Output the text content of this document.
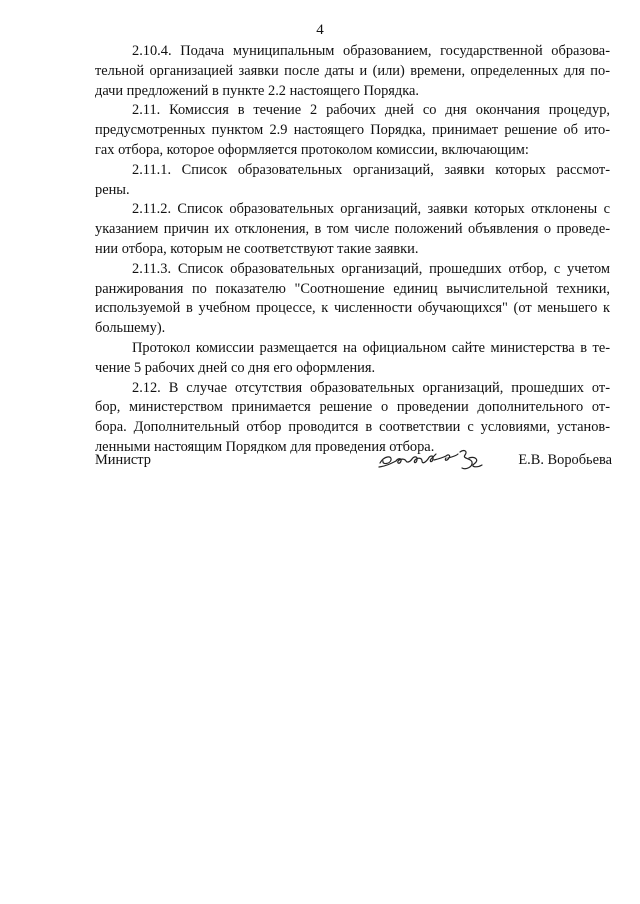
4
2.10.4. Подача муниципальным образованием, государственной образова-
тельной организацией заявки после даты и (или) времени, определенных для по-
дачи предложений в пункте 2.2 настоящего Порядка.
2.11. Комиссия в течение 2 рабочих дней со дня окончания процедур,
предусмотренных пунктом 2.9 настоящего Порядка, принимает решение об ито-
гах отбора, которое оформляется протоколом комиссии, включающим:
2.11.1. Список образовательных организаций, заявки которых рассмот-
рены.
2.11.2. Список образовательных организаций, заявки которых отклонены с
указанием причин их отклонения, в том числе положений объявления о проведе-
нии отбора, которым не соответствуют такие заявки.
2.11.3. Список образовательных организаций, прошедших отбор, с учетом
ранжирования по показателю "Соотношение единиц вычислительной техники,
используемой в учебном процессе, к численности обучающихся" (от меньшего к
большему).
Протокол комиссии размещается на официальном сайте министерства в те-
чение 5 рабочих дней со дня его оформления.
2.12. В случае отсутствия образовательных организаций, прошедших от-
бор, министерством принимается решение о проведении дополнительного от-
бора. Дополнительный отбор проводится в соответствии с условиями, установ-
ленными настоящим Порядком для проведения отбора.
Министр	Е.В. Воробьева
